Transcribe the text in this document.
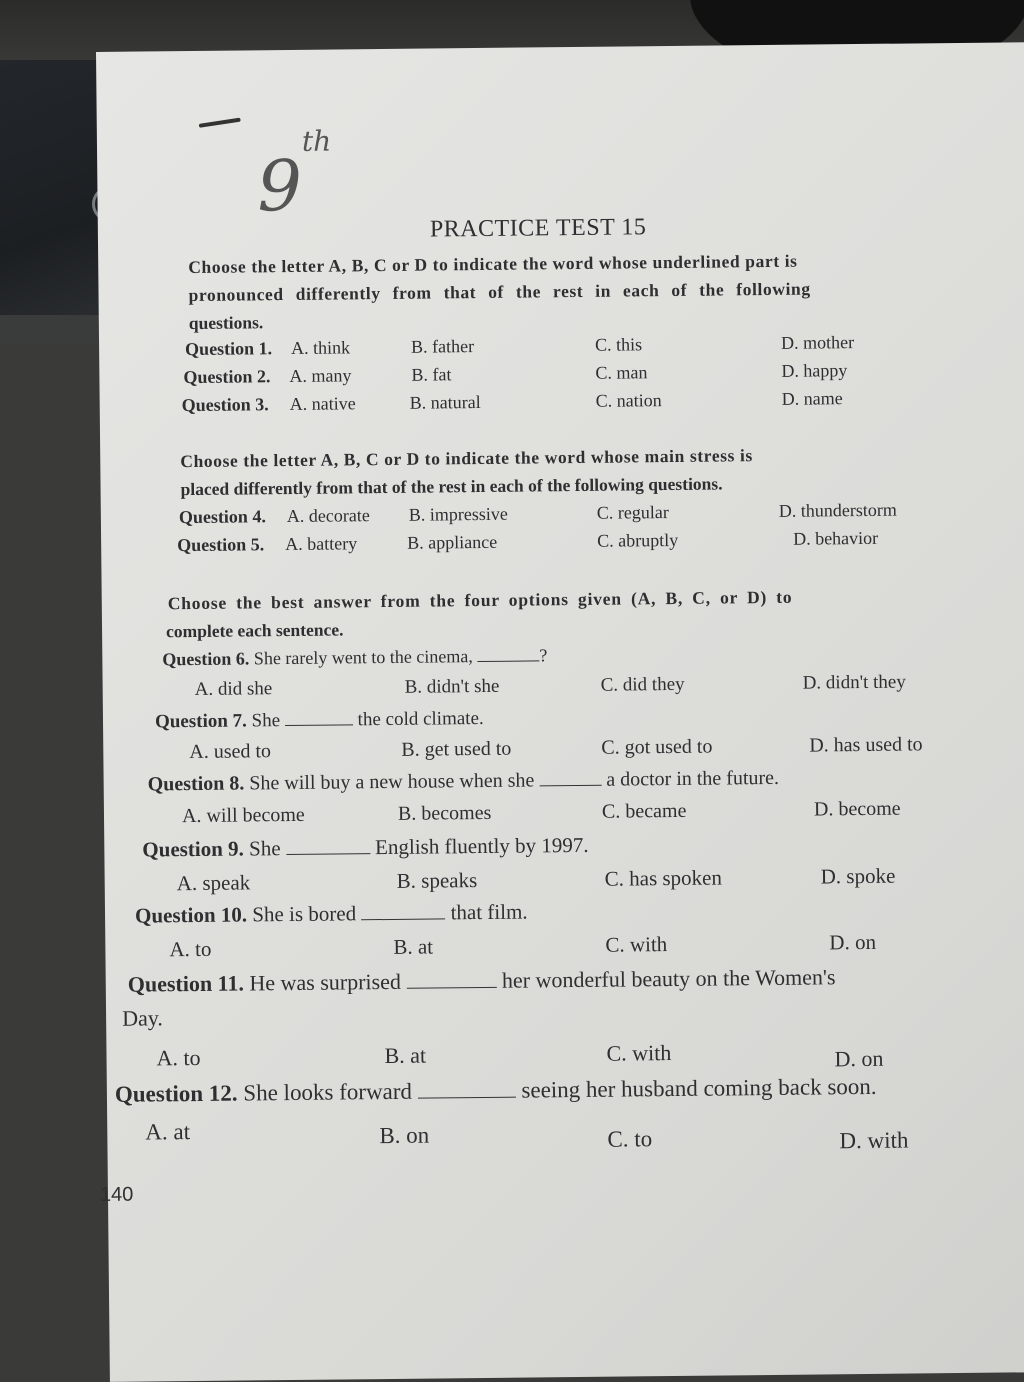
9
th
PRACTICE TEST 15
Choose the letter A, B, C or D to indicate the word whose underlined part is
pronounced differently from that of the rest in each of the following
questions.
Question 1. A. think	B. father	C. this	D. mother
Question 2. A. many	B. fat	C. man	D. happy
Question 3. A. native	B. natural	C. nation	D. name
Choose the letter A, B, C or D to indicate the word whose main stress is
placed differently from that of the rest in each of the following questions.
Question 4. A. decorate B. impressive	C. regular	D. thunderstorm
Question 5. A. battery	B. appliance	C. abruptly	D. behavior
Choose the best answer from the four options given (A, B, C, or D) to
complete each sentence.
Question 6. She rarely went to the cinema,	?
A. did she	B. didn't she	C. did they	D. didn't they
Question 7. She	the cold climate.
A. used to	B. get used to	C. got used to	D. has used to
Question 8. She will buy a new house when she	a doctor in the future.
A. will become	B. becomes	C. became	D. become
Question 9. She	English fluently by 1997.
A. speak	B. speaks	C. has spoken	D. spoke
Question 10. She is bored	that film.
A. to	B. at	C. with	D. on
Question 11. He was surprised	her wonderful beauty on the Women's
Day.
A. to	B. at	C. with	D. on
Question 12. She looks forward	seeing her husband coming back soon.
A. at	B. on	C. to	D. with
140
